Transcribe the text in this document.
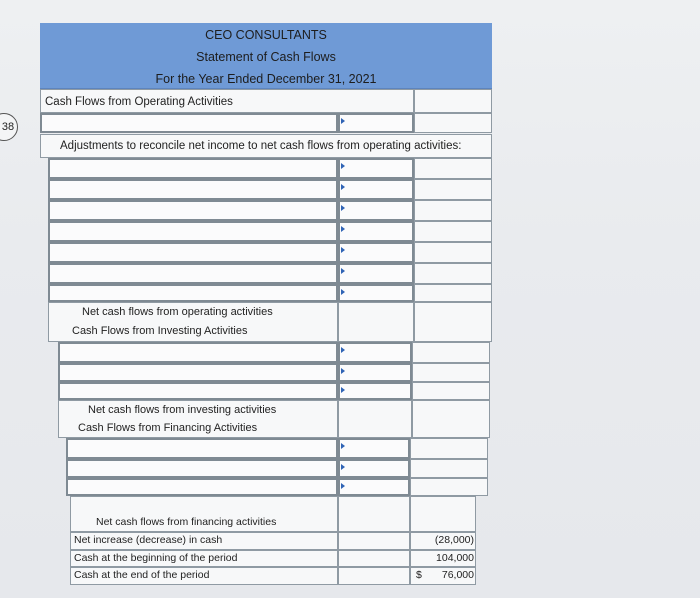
38
CEO CONSULTANTS
Statement of Cash Flows
For the Year Ended December 31, 2021
Cash Flows from Operating Activities
Adjustments to reconcile net income to net cash flows from operating activities:
Net cash flows from operating activities
Cash Flows from Investing Activities
Net cash flows from investing activities
Cash Flows from Financing Activities
Net cash flows from financing activities
Net increase (decrease) in cash	(28,000)
Cash at the beginning of the period	104,000
Cash at the end of the period	$	76,000
